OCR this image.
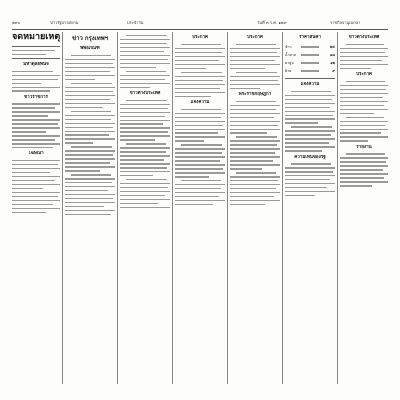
๒๙๐	ข่าวรัฐบาลสยาม	ประจำวัน	วันที่ ๓ ร.ศ. ๑๒๙	ราชกิจจานุเบกษา
จดหมายเหตุ
มหาดุลยพินิจ
ข่าวราชการ
โฆษณา
ข่าว กรุงเทพฯ
พิพิธภัณฑ์
ข่าวต่างประเทศ
ประกาศ
แจ้งความ
ประกาศ
พระราชกฤษฎีกา
ราคาสินค้า
ข้าว	๒๕
น้ำตาล	๑๘
ยาสูบ	๑๒
ฝ้าย	๙
แจ้งความ
ความเห็นของรัฐ
ข่าวต่างประเทศ
ประกาศ
รายงาน
